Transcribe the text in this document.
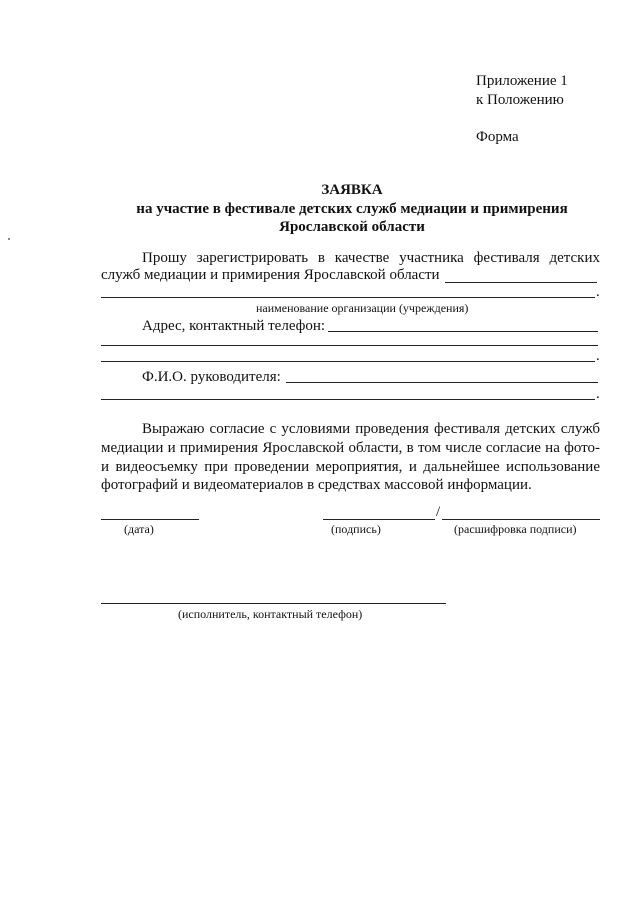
Приложение 1
к Положению
Форма
ЗАЯВКА
на участие в фестивале детских служб медиации и примирения
Ярославской области
Прошу зарегистрировать в качестве участника фестиваля детских
служб медиации и примирения Ярославской области
.
наименование организации (учреждения)
Адрес, контактный телефон:
.
Ф.И.О. руководителя:
.
Выражаю согласие с условиями проведения фестиваля детских служб
медиации и примирения Ярославской области, в том числе согласие на фото-
и видеосъемку при проведении мероприятия, и дальнейшее использование
фотографий и видеоматериалов в средствах массовой информации.
(дата)
/
(подпись)	(расшифровка подписи)
(исполнитель, контактный телефон)
